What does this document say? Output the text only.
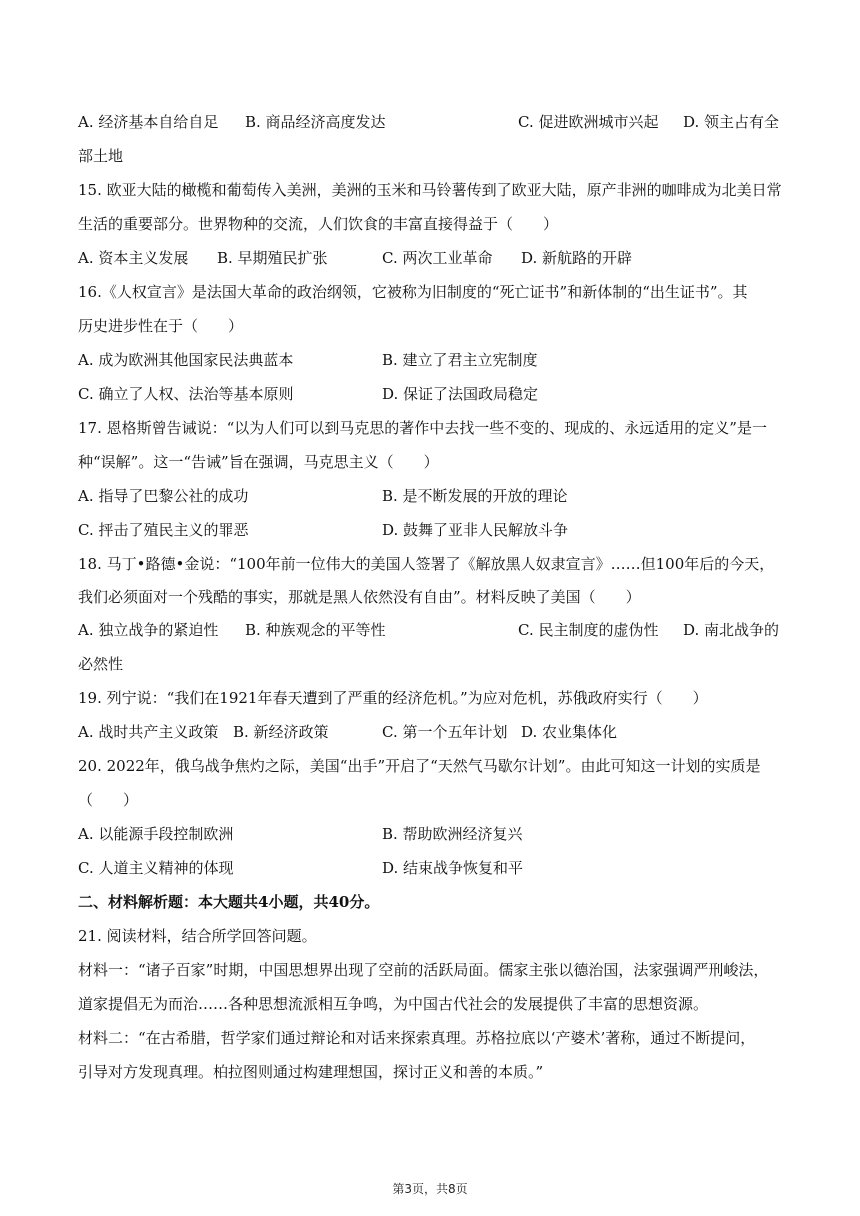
A. 经济基本自给自足 B. 商品经济高度发达	C. 促进欧洲城市兴起 D. 领主占有全
部土地
15. 欧亚大陆的橄榄和葡萄传入美洲，美洲的玉米和马铃薯传到了欧亚大陆，原产非洲的咖啡成为北美日常
生活的重要部分。世界物种的交流，人们饮食的丰富直接得益于（　　）
A. 资本主义发展 B. 早期殖民扩张	C. 两次工业革命 D. 新航路的开辟
16.《人权宣言》是法国大革命的政治纲领，它被称为旧制度的“死亡证书”和新体制的“出生证书”。其
历史进步性在于（　　）
A. 成为欧洲其他国家民法典蓝本	B. 建立了君主立宪制度
C. 确立了人权、法治等基本原则	D. 保证了法国政局稳定
17. 恩格斯曾告诫说：“以为人们可以到马克思的著作中去找一些不变的、现成的、永远适用的定义”是一
种“误解”。这一“告诫”旨在强调，马克思主义（　　）
A. 指导了巴黎公社的成功	B. 是不断发展的开放的理论
C. 抨击了殖民主义的罪恶	D. 鼓舞了亚非人民解放斗争
18. 马丁•路德•金说：“100年前一位伟大的美国人签署了《解放黑人奴隶宣言》……但100年后的今天，
我们必须面对一个残酷的事实，那就是黑人依然没有自由”。材料反映了美国（　　）
A. 独立战争的紧迫性 B. 种族观念的平等性	C. 民主制度的虚伪性 D. 南北战争的
必然性
19. 列宁说：“我们在1921年春天遭到了严重的经济危机。”为应对危机，苏俄政府实行（　　）
A. 战时共产主义政策 B. 新经济政策	C. 第一个五年计划 D. 农业集体化
20. 2022年，俄乌战争焦灼之际，美国“出手”开启了“天然气马歇尔计划”。由此可知这一计划的实质是
（　　）
A. 以能源手段控制欧洲	B. 帮助欧洲经济复兴
C. 人道主义精神的体现	D. 结束战争恢复和平
二、材料解析题：本大题共4小题，共40分。
21. 阅读材料，结合所学回答问题。
材料一：“诸子百家”时期，中国思想界出现了空前的活跃局面。儒家主张以德治国，法家强调严刑峻法，
道家提倡无为而治……各种思想流派相互争鸣，为中国古代社会的发展提供了丰富的思想资源。
材料二：“在古希腊，哲学家们通过辩论和对话来探索真理。苏格拉底以‘产婆术’著称，通过不断提问，
引导对方发现真理。柏拉图则通过构建理想国，探讨正义和善的本质。”
第3页，共8页
